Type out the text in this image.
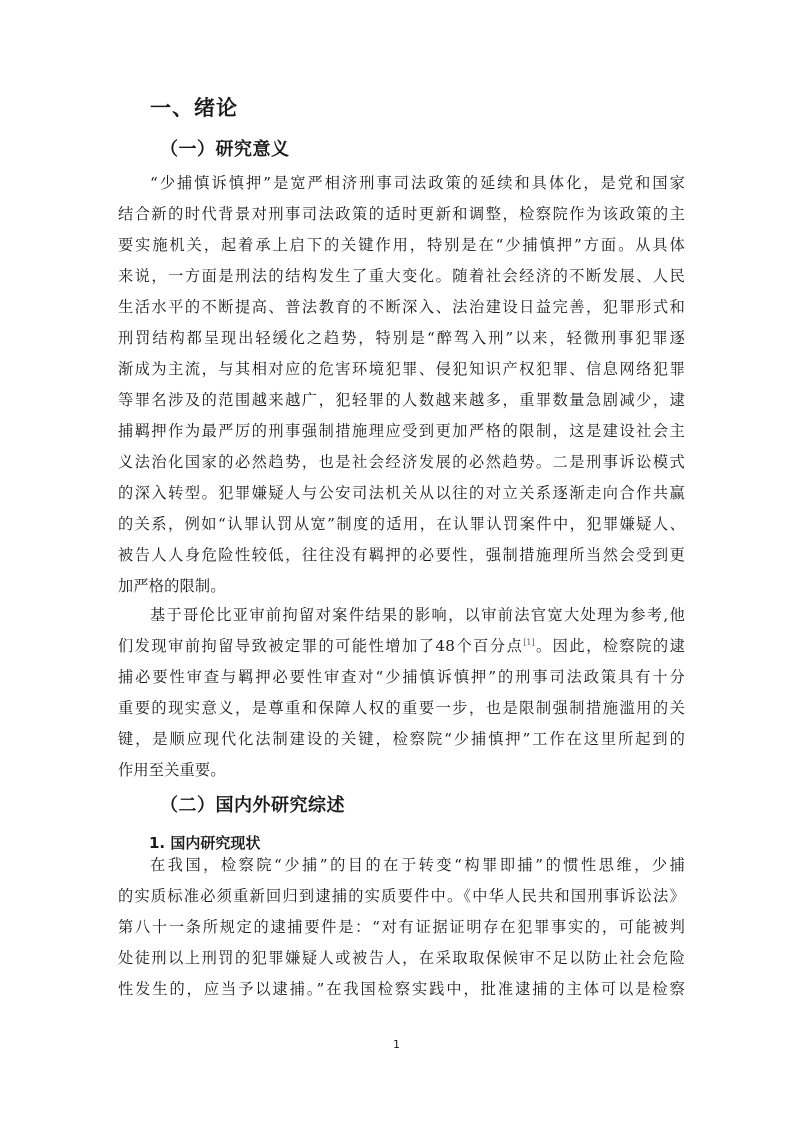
一、绪论
（一）研究意义
“少捕慎诉慎押”是宽严相济刑事司法政策的延续和具体化，是党和国家
结合新的时代背景对刑事司法政策的适时更新和调整，检察院作为该政策的主
要实施机关，起着承上启下的关键作用，特别是在“少捕慎押”方面。从具体
来说，一方面是刑法的结构发生了重大变化。随着社会经济的不断发展、人民
生活水平的不断提高、普法教育的不断深入、法治建设日益完善，犯罪形式和
刑罚结构都呈现出轻缓化之趋势，特别是“醉驾入刑”以来，轻微刑事犯罪逐
渐成为主流，与其相对应的危害环境犯罪、侵犯知识产权犯罪、信息网络犯罪
等罪名涉及的范围越来越广，犯轻罪的人数越来越多，重罪数量急剧减少，逮
捕羁押作为最严厉的刑事强制措施理应受到更加严格的限制，这是建设社会主
义法治化国家的必然趋势，也是社会经济发展的必然趋势。二是刑事诉讼模式
的深入转型。犯罪嫌疑人与公安司法机关从以往的对立关系逐渐走向合作共赢
的关系，例如“认罪认罚从宽”制度的适用，在认罪认罚案件中，犯罪嫌疑人、
被告人人身危险性较低，往往没有羁押的必要性，强制措施理所当然会受到更
加严格的限制。
基于哥伦比亚审前拘留对案件结果的影响，以审前法官宽大处理为参考,他
们发现审前拘留导致被定罪的可能性增加了48个百分点[1]。因此，检察院的逮
捕必要性审查与羁押必要性审查对“少捕慎诉慎押”的刑事司法政策具有十分
重要的现实意义，是尊重和保障人权的重要一步，也是限制强制措施滥用的关
键，是顺应现代化法制建设的关键，检察院“少捕慎押”工作在这里所起到的
作用至关重要。
（二）国内外研究综述
1. 国内研究现状
在我国，检察院“少捕”的目的在于转变“构罪即捕”的惯性思维，少捕
的实质标准必须重新回归到逮捕的实质要件中。《中华人民共和国刑事诉讼法》
第八十一条所规定的逮捕要件是：“对有证据证明存在犯罪事实的，可能被判
处徒刑以上刑罚的犯罪嫌疑人或被告人，在采取取保候审不足以防止社会危险
性发生的，应当予以逮捕。”在我国检察实践中，批准逮捕的主体可以是检察
1
